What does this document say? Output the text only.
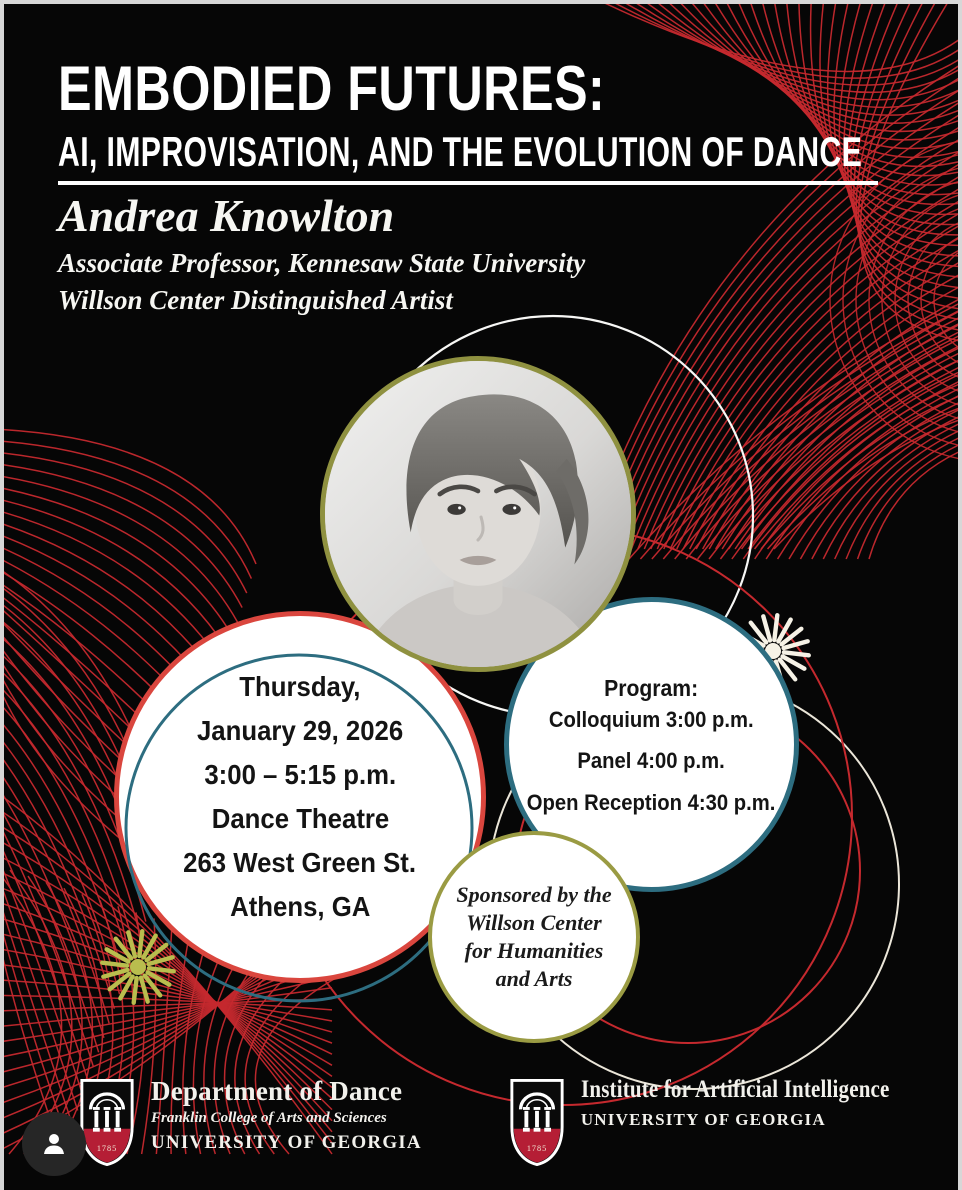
EMBODIED FUTURES:
AI, IMPROVISATION, AND THE EVOLUTION OF DANCE
Andrea Knowlton
Associate Professor, Kennesaw State University
Willson Center Distinguished Artist
Thursday,
January 29, 2026
3:00 – 5:15 p.m.
Dance Theatre
263 West Green St.
Athens, GA
Program:
Colloquium 3:00 p.m.
Panel 4:00 p.m.
Open Reception 4:30 p.m.
Sponsored by the
Willson Center
for Humanities
and Arts
1785
Department of Dance
Franklin College of Arts and Sciences
UNIVERSITY OF GEORGIA	1785
Institute for Artificial Intelligence
UNIVERSITY OF GEORGIA
